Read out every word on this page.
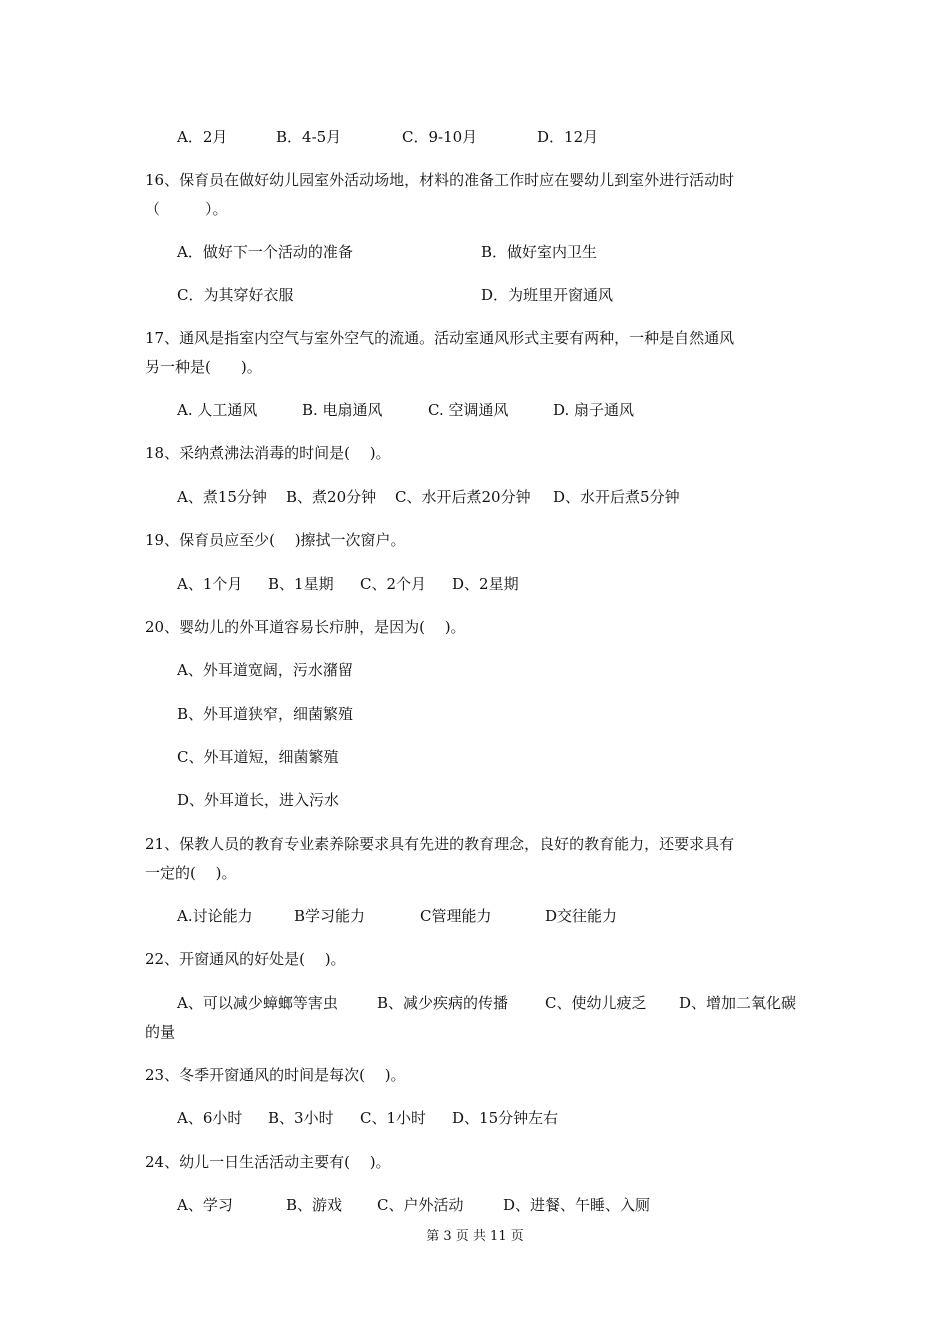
A．2月	B．4-5月	C．9-10月	D．12月
16、保育员在做好幼儿园室外活动场地，材料的准备工作时应在婴幼儿到室外进行活动时
（　　　）。
A．做好下一个活动的准备	B．做好室内卫生
C．为其穿好衣服	D．为班里开窗通风
17、通风是指室内空气与室外空气的流通。活动室通风形式主要有两种，一种是自然通风
另一种是(　　)。
A. 人工通风	B. 电扇通风	C. 空调通风	D. 扇子通风
18、采纳煮沸法消毒的时间是(　 )。
A、煮15分钟 B、煮20分钟 C、水开后煮20分钟 D、水开后煮5分钟
19、保育员应至少(　 )擦拭一次窗户。
A、1个月 B、1星期 C、2个月 D、2星期
20、婴幼儿的外耳道容易长疖肿，是因为(　 )。
A、外耳道宽阔，污水潴留
B、外耳道狭窄，细菌繁殖
C、外耳道短，细菌繁殖
D、外耳道长，进入污水
21、保教人员的教育专业素养除要求具有先进的教育理念，良好的教育能力，还要求具有
一定的(　 )。
A.讨论能力	B学习能力	C管理能力	D交往能力
22、开窗通风的好处是(　 )。
A、可以减少蟑螂等害虫	B、减少疾病的传播 C、使幼儿疲乏 D、增加二氧化碳
的量
23、冬季开窗通风的时间是每次(　 )。
A、6小时 B、3小时 C、1小时 D、15分钟左右
24、幼儿一日生活活动主要有(　 )。
A、学习	B、游戏 C、户外活动	D、进餐、午睡、入厕
第 3 页 共 11 页
